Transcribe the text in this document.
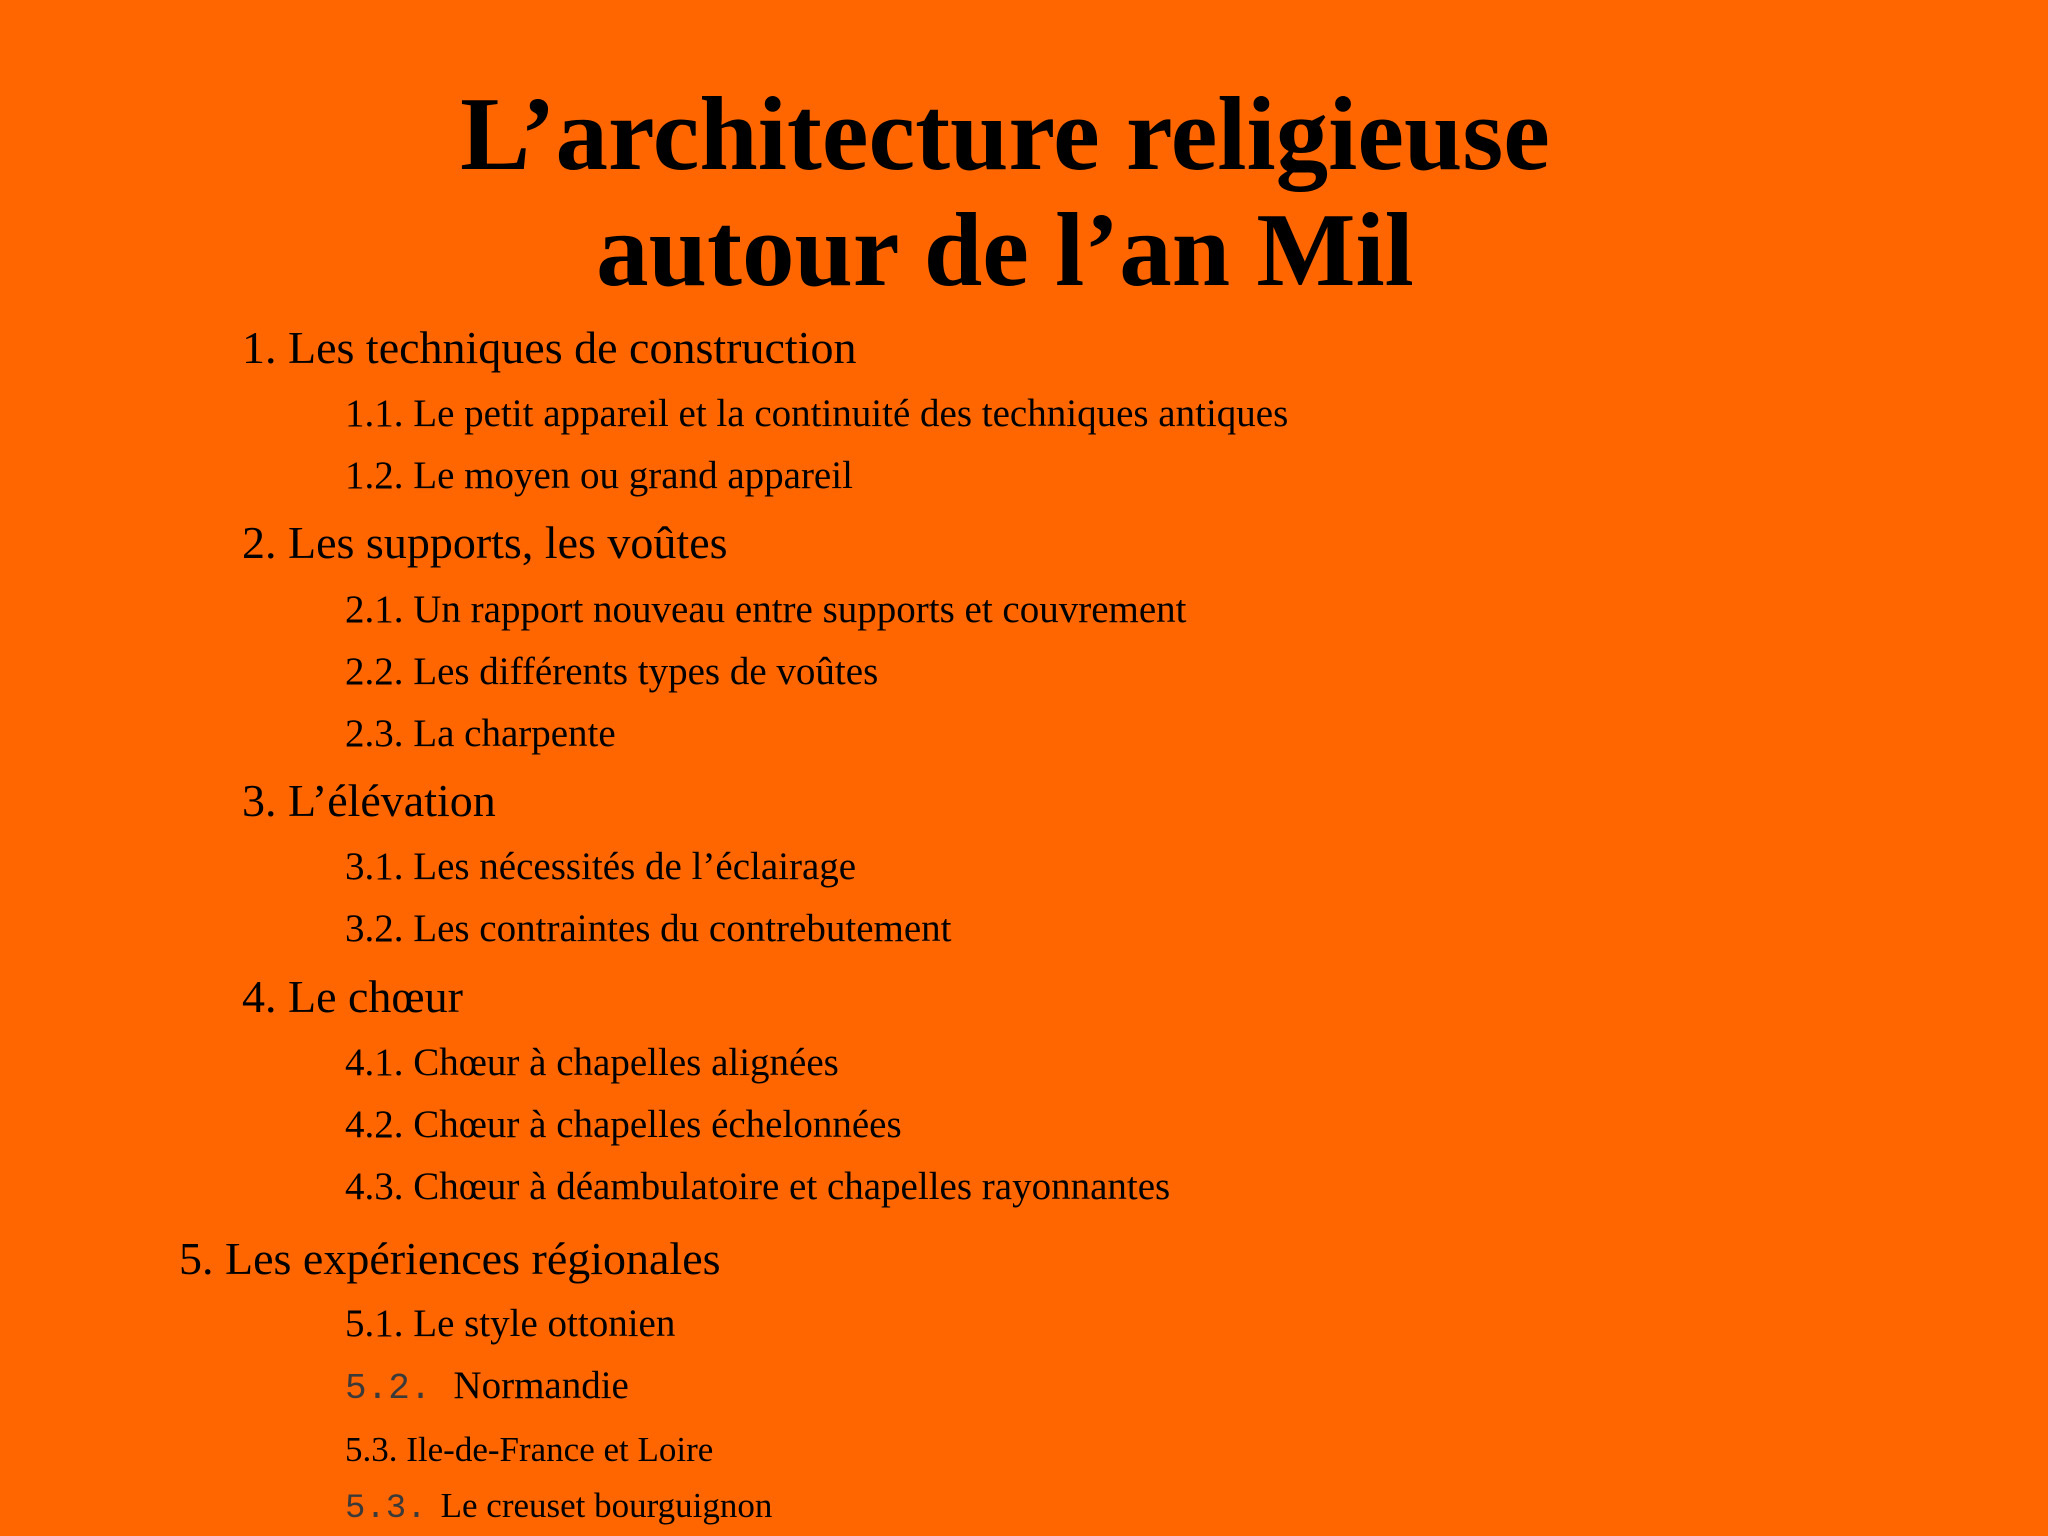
L’architecture religieuse
autour de l’an Mil
1. Les techniques de construction
1.1. Le petit appareil et la continuité des techniques antiques
1.2. Le moyen ou grand appareil
2. Les supports, les voûtes
2.1. Un rapport nouveau entre supports et couvrement
2.2. Les différents types de voûtes
2.3. La charpente
3. L’élévation
3.1. Les nécessités de l’éclairage
3.2. Les contraintes du contrebutement
4. Le chœur
4.1. Chœur à chapelles alignées
4.2. Chœur à chapelles échelonnées
4.3. Chœur à déambulatoire et chapelles rayonnantes
5. Les expériences régionales
5.1. Le style ottonien
5.2. Normandie
5.3. Ile-de-France et Loire
5.3. Le creuset bourguignon
